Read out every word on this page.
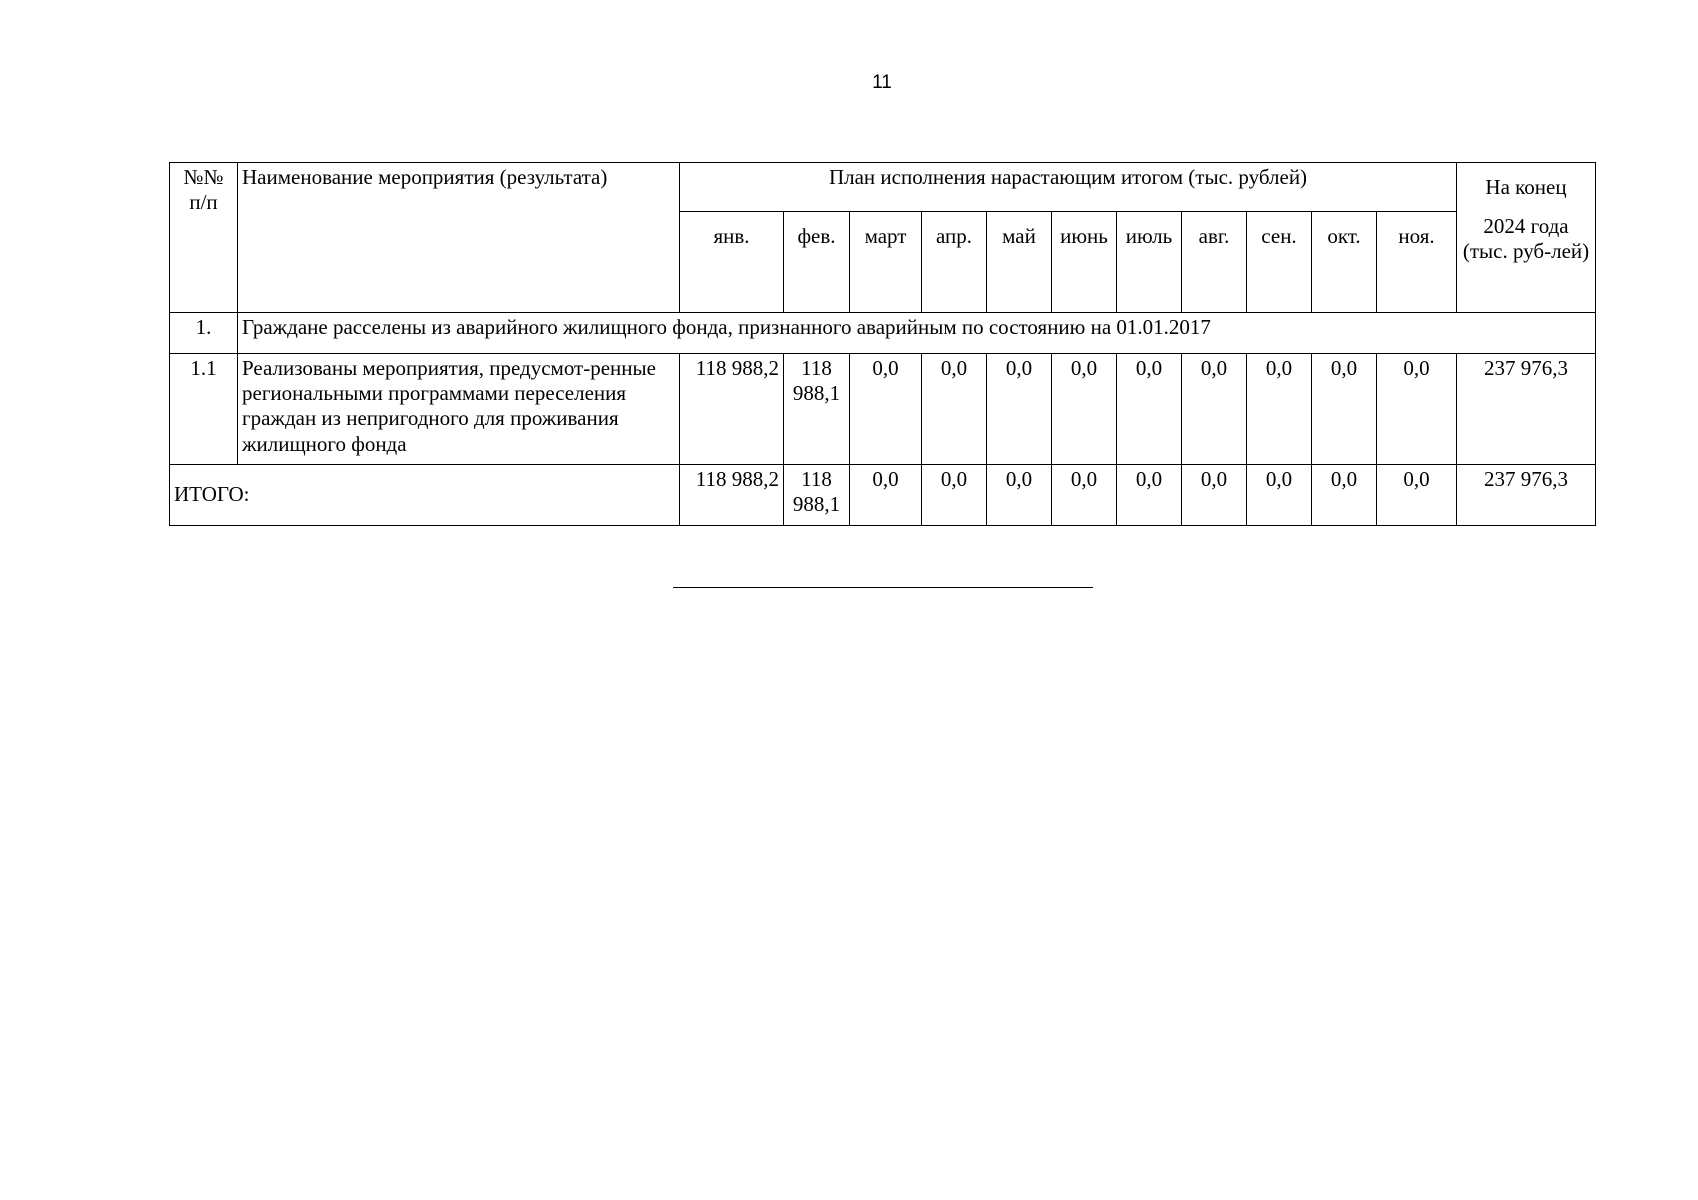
11
№№ п/п	Наименование мероприятия (результата)	План исполнения нарастающим итогом (тыс. рублей)											На конец
		янв.	фев.	март	апр.	май	июнь	июль	авг.	сен.	окт.	ноя.	2024 года (тыс. руб-лей)
1.	Граждане расселены из аварийного жилищного фонда, признанного аварийным по состоянию на 01.01.2017												
1.1	Реализованы мероприятия, предусмот-ренные региональными программами переселения граждан из непригодного для проживания жилищного фонда	118 988,2	118 988,1	0,0	0,0	0,0	0,0	0,0	0,0	0,0	0,0	0,0	237 976,3
ИТОГО:		118 988,2	118 988,1	0,0	0,0	0,0	0,0	0,0	0,0	0,0	0,0	0,0	237 976,3
